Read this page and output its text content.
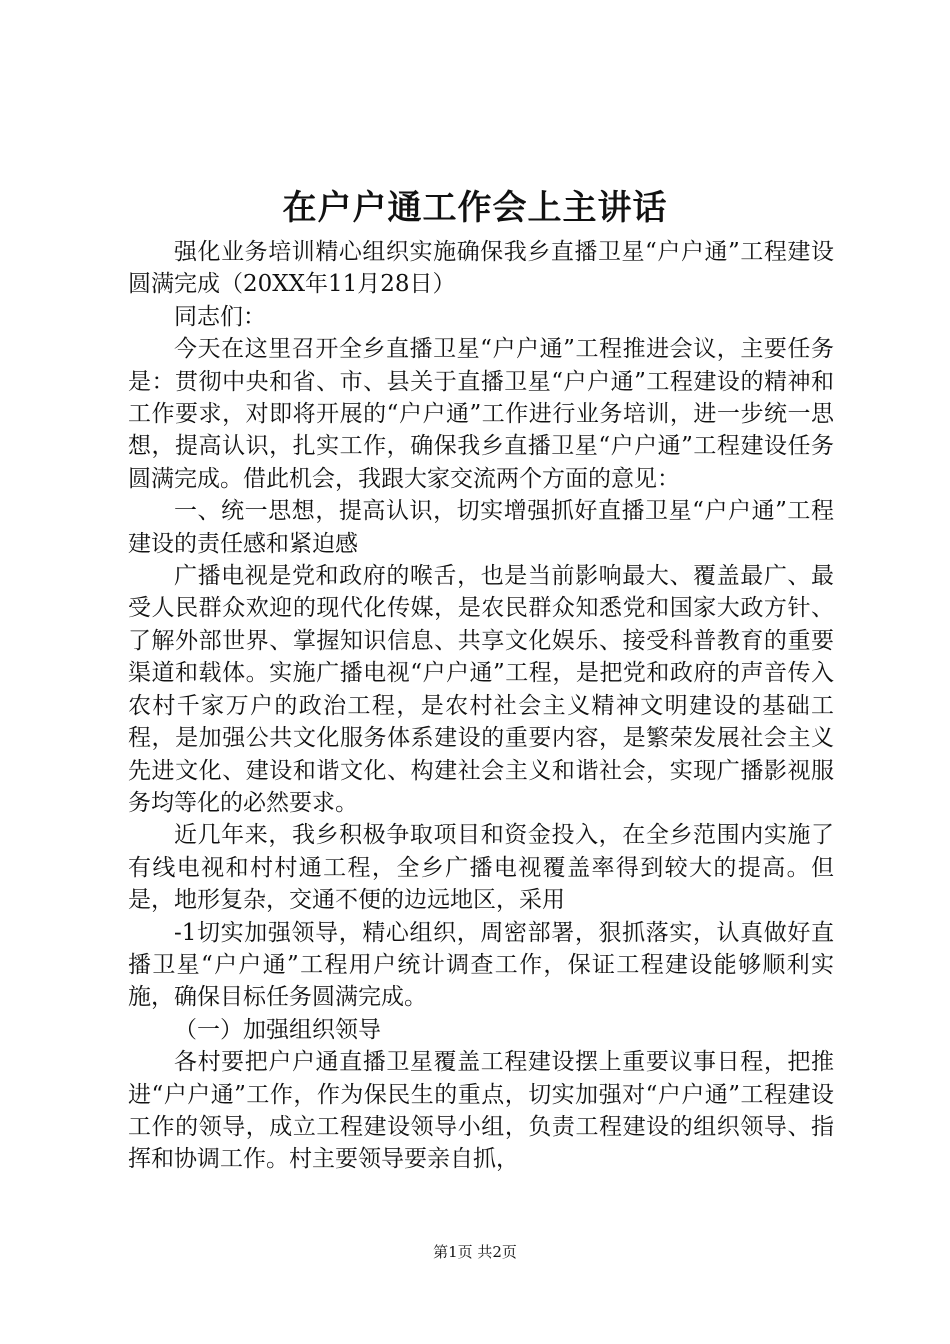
在户户通工作会上主讲话

强化业务培训精心组织实施确保我乡直播卫星“户户通”工程建设圆满完成（20XX年11月28日）

同志们：

今天在这里召开全乡直播卫星“户户通”工程推进会议，主要任务是：贯彻中央和省、市、县关于直播卫星“户户通”工程建设的精神和工作要求，对即将开展的“户户通”工作进行业务培训，进一步统一思想，提高认识，扎实工作，确保我乡直播卫星“户户通”工程建设任务圆满完成。借此机会，我跟大家交流两个方面的意见：

一、统一思想，提高认识，切实增强抓好直播卫星“户户通”工程建设的责任感和紧迫感

广播电视是党和政府的喉舌，也是当前影响最大、覆盖最广、最受人民群众欢迎的现代化传媒，是农民群众知悉党和国家大政方针、了解外部世界、掌握知识信息、共享文化娱乐、接受科普教育的重要渠道和载体。实施广播电视“户户通”工程，是把党和政府的声音传入农村千家万户的政治工程，是农村社会主义精神文明建设的基础工程，是加强公共文化服务体系建设的重要内容，是繁荣发展社会主义先进文化、建设和谐文化、构建社会主义和谐社会，实现广播影视服务均等化的必然要求。

近几年来，我乡积极争取项目和资金投入，在全乡范围内实施了有线电视和村村通工程，全乡广播电视覆盖率得到较大的提高。但是，地形复杂，交通不便的边远地区，采用

-1切实加强领导，精心组织，周密部署，狠抓落实，认真做好直播卫星“户户通”工程用户统计调查工作，保证工程建设能够顺利实施，确保目标任务圆满完成。

（一）加强组织领导

各村要把户户通直播卫星覆盖工程建设摆上重要议事日程，把推进“户户通”工作，作为保民生的重点，切实加强对“户户通”工程建设工作的领导，成立工程建设领导小组，负责工程建设的组织领导、指挥和协调工作。村主要领导要亲自抓，

第1页 共2页
